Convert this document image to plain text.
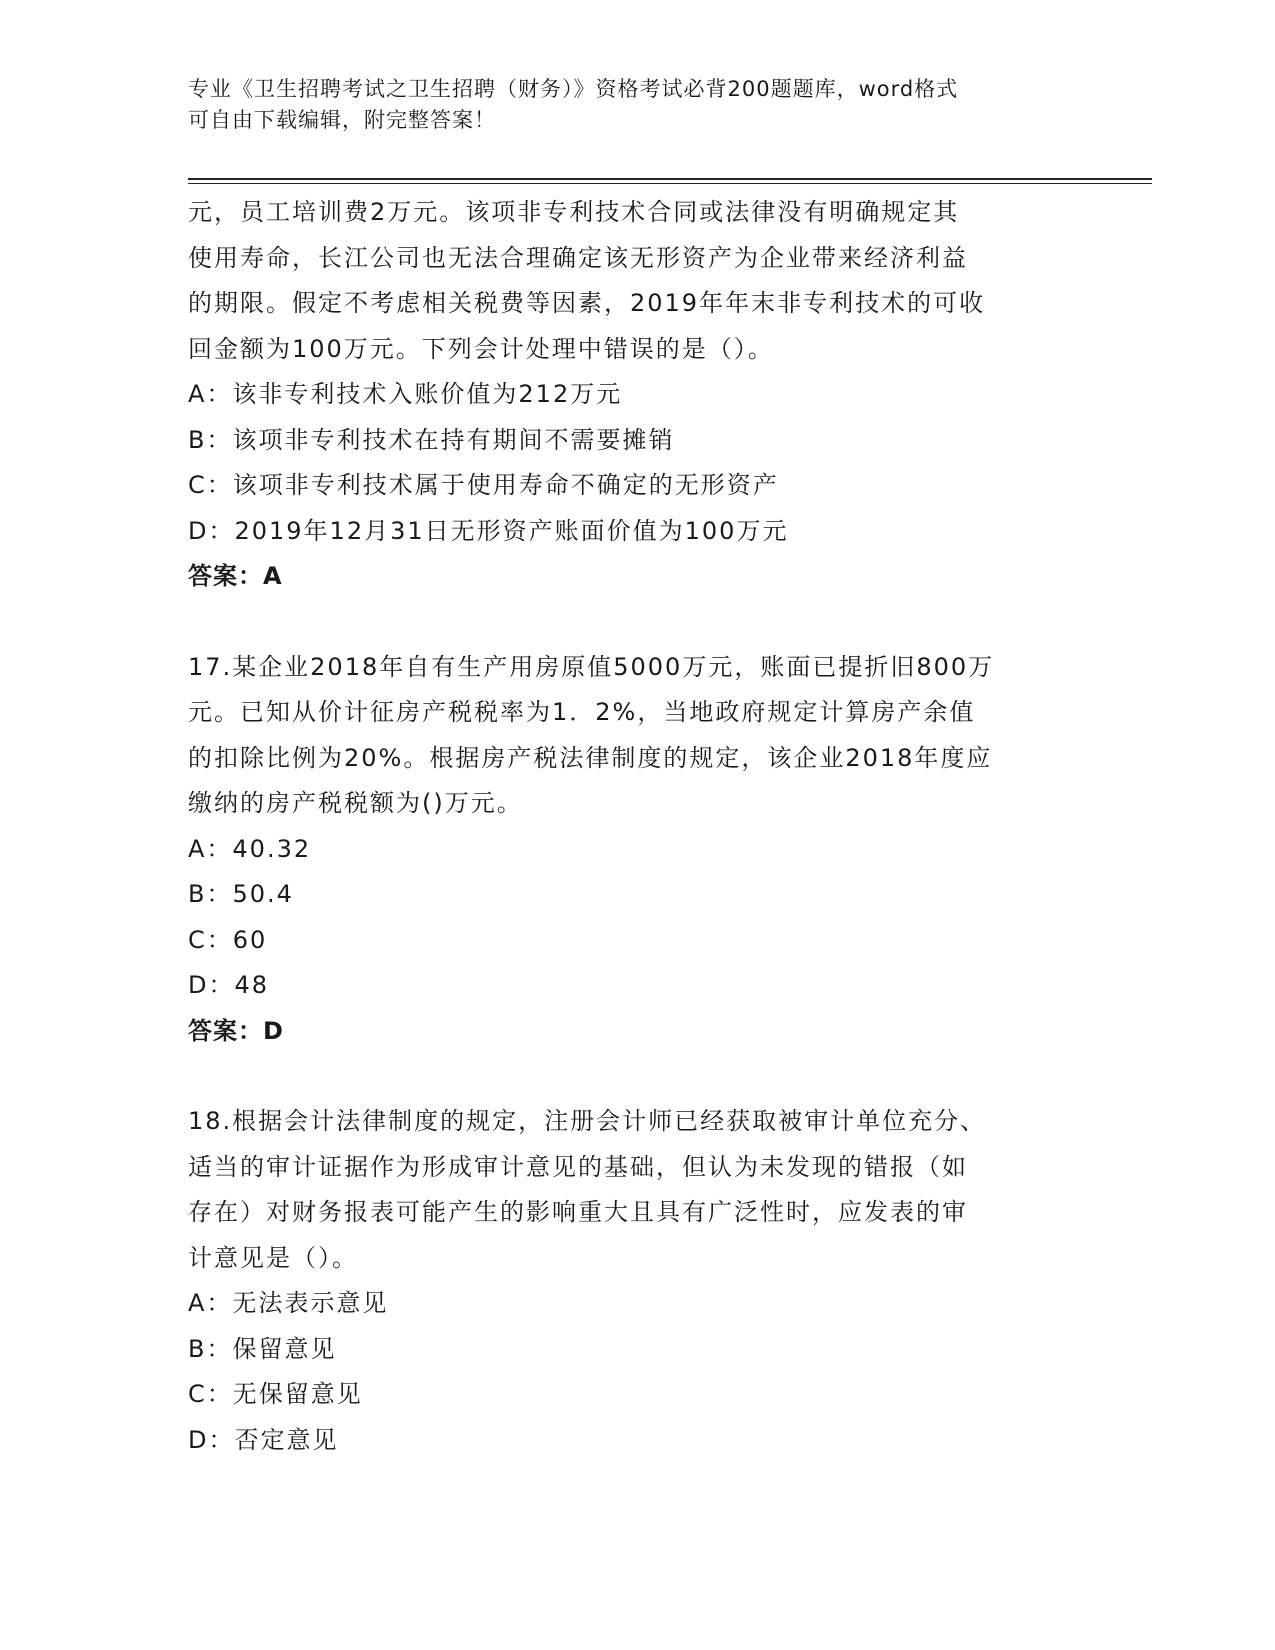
专业《卫生招聘考试之卫生招聘（财务）》资格考试必背200题题库，word格式
可自由下载编辑，附完整答案！
元，员工培训费2万元。该项非专利技术合同或法律没有明确规定其
使用寿命，长江公司也无法合理确定该无形资产为企业带来经济利益
的期限。假定不考虑相关税费等因素，2019年年末非专利技术的可收
回金额为100万元。下列会计处理中错误的是（）。
A：该非专利技术入账价值为212万元
B：该项非专利技术在持有期间不需要摊销
C：该项非专利技术属于使用寿命不确定的无形资产
D：2019年12月31日无形资产账面价值为100万元
答案：A
17.某企业2018年自有生产用房原值5000万元，账面已提折旧800万
元。已知从价计征房产税税率为1．2%，当地政府规定计算房产余值
的扣除比例为20%。根据房产税法律制度的规定，该企业2018年度应
缴纳的房产税税额为()万元。
A：40.32
B：50.4
C：60
D：48
答案：D
18.根据会计法律制度的规定，注册会计师已经获取被审计单位充分、
适当的审计证据作为形成审计意见的基础，但认为未发现的错报（如
存在）对财务报表可能产生的影响重大且具有广泛性时，应发表的审
计意见是（）。
A：无法表示意见
B：保留意见
C：无保留意见
D：否定意见
